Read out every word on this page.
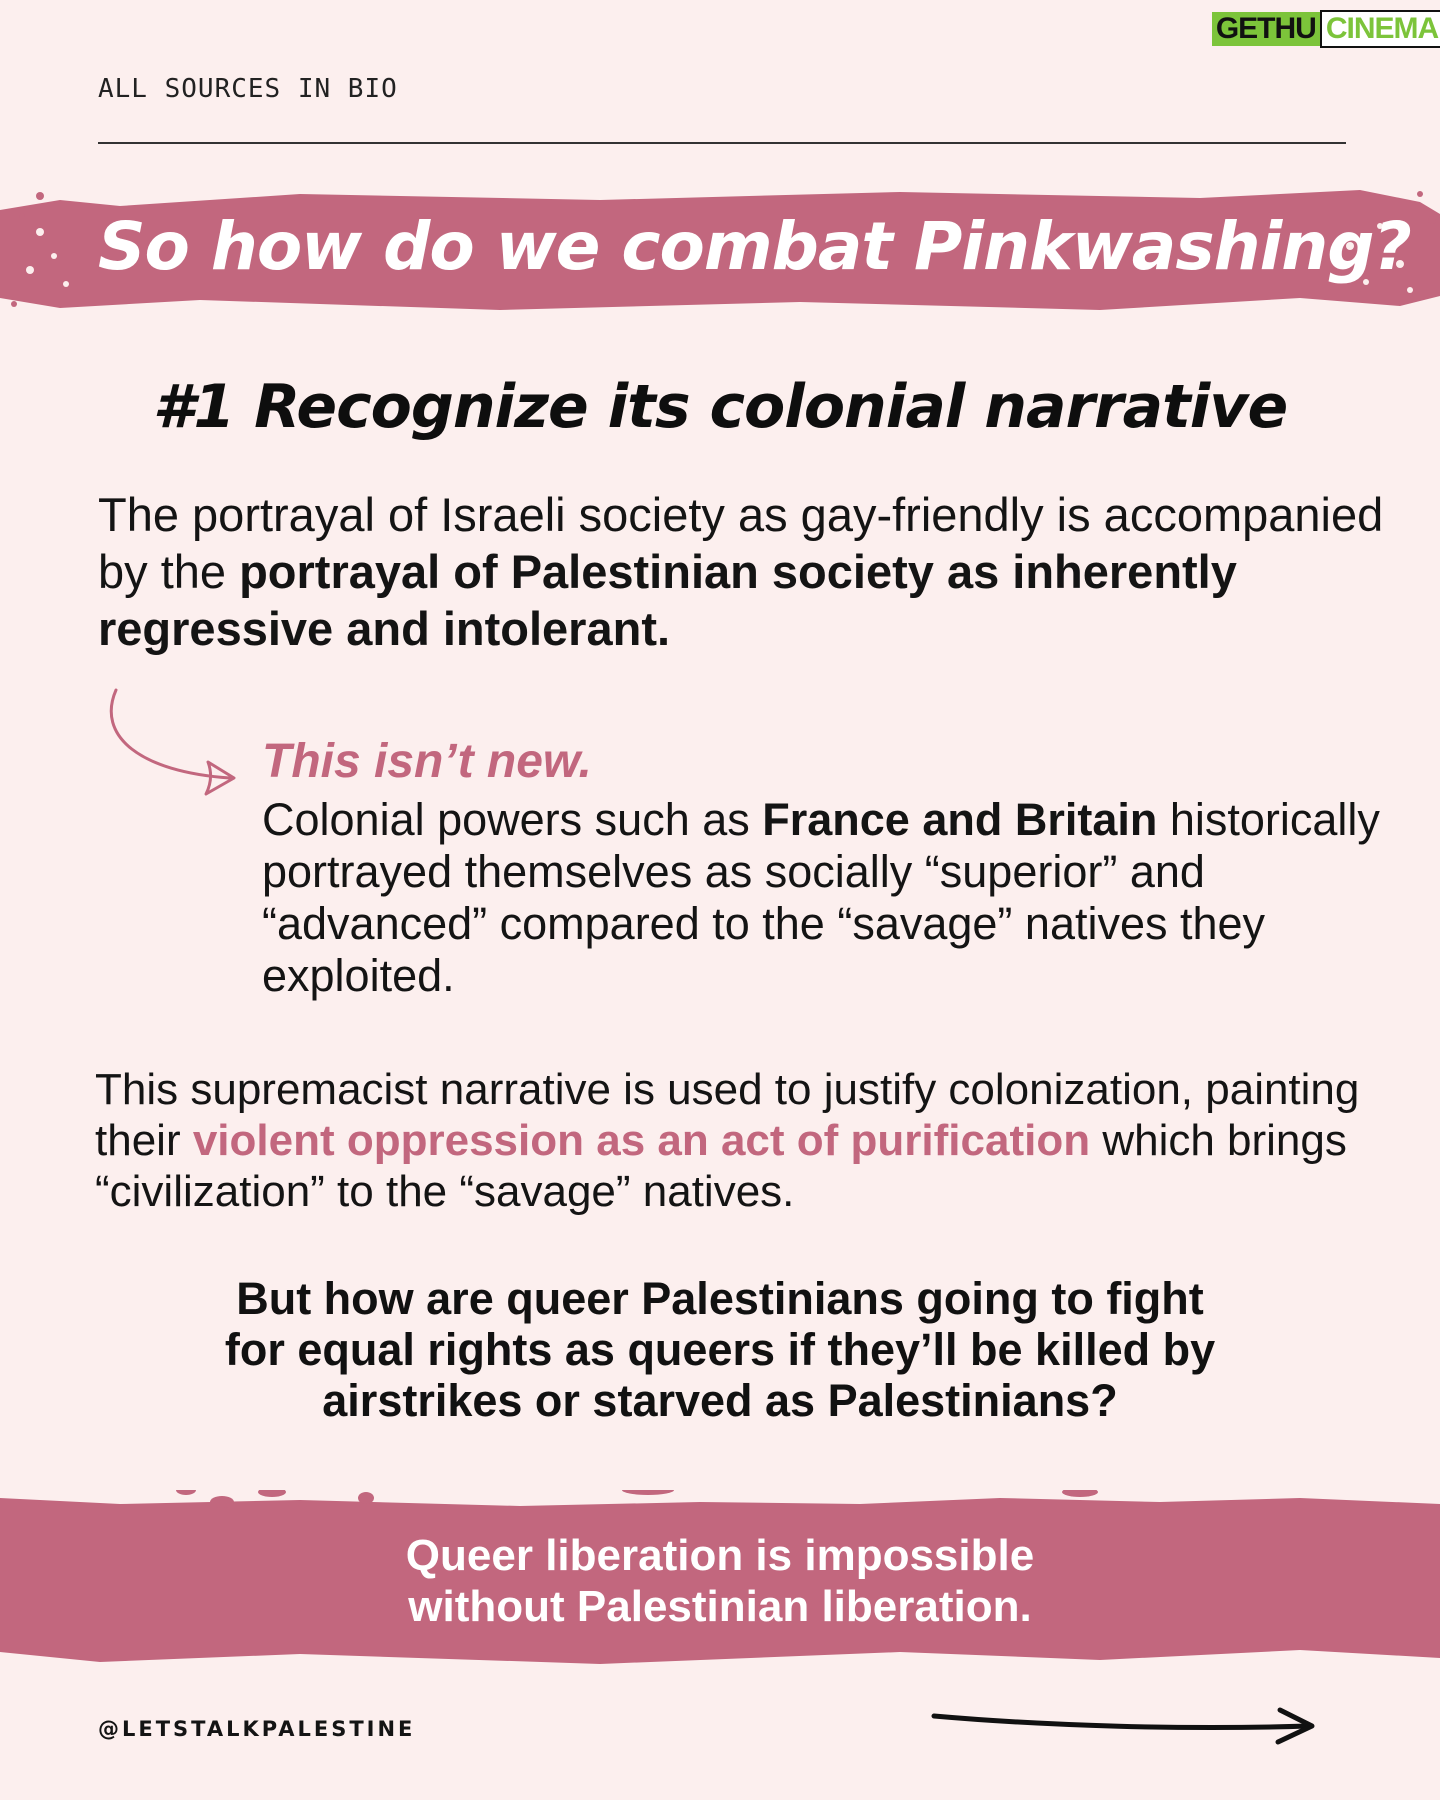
GETHU CINEMA
ALL SOURCES IN BIO
So how do we combat Pinkwashing?
#1 Recognize its colonial narrative
The portrayal of Israeli society as gay-friendly is accompanied by the portrayal of Palestinian society as inherently regressive and intolerant.
This isn’t new.
Colonial powers such as France and Britain historically portrayed themselves as socially “superior” and “advanced” compared to the “savage” natives they exploited.
This supremacist narrative is used to justify colonization, painting their violent oppression as an act of purification which brings “civilization” to the “savage” natives.
But how are queer Palestinians going to fight
for equal rights as queers if they’ll be killed by
airstrikes or starved as Palestinians?
Queer liberation is impossible
without Palestinian liberation.
@LETSTALKPALESTINE
